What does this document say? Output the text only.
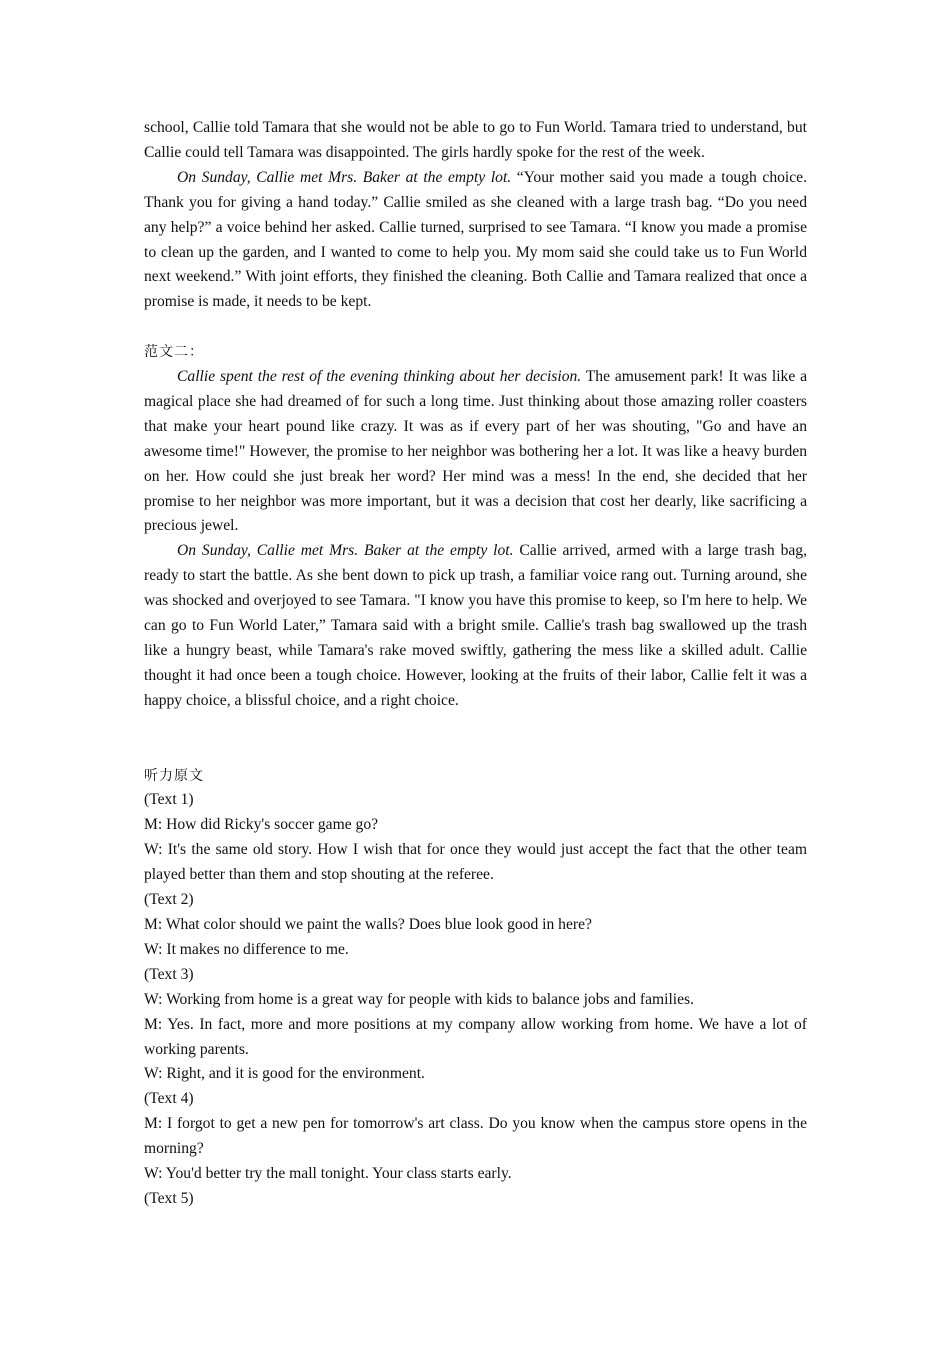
school, Callie told Tamara that she would not be able to go to Fun World. Tamara tried to understand, but Callie could tell Tamara was disappointed. The girls hardly spoke for the rest of the week.

On Sunday, Callie met Mrs. Baker at the empty lot. “Your mother said you made a tough choice. Thank you for giving a hand today.” Callie smiled as she cleaned with a large trash bag. “Do you need any help?” a voice behind her asked. Callie turned, surprised to see Tamara. “I know you made a promise to clean up the garden, and I wanted to come to help you. My mom said she could take us to Fun World next weekend.” With joint efforts, they finished the cleaning. Both Callie and Tamara realized that once a promise is made, it needs to be kept.

范文二：

Callie spent the rest of the evening thinking about her decision. The amusement park! It was like a magical place she had dreamed of for such a long time. Just thinking about those amazing roller coasters that make your heart pound like crazy. It was as if every part of her was shouting, "Go and have an awesome time!" However, the promise to her neighbor was bothering her a lot. It was like a heavy burden on her. How could she just break her word? Her mind was a mess! In the end, she decided that her promise to her neighbor was more important, but it was a decision that cost her dearly, like sacrificing a precious jewel.

On Sunday, Callie met Mrs. Baker at the empty lot. Callie arrived, armed with a large trash bag, ready to start the battle. As she bent down to pick up trash, a familiar voice rang out. Turning around, she was shocked and overjoyed to see Tamara. "I know you have this promise to keep, so I'm here to help. We can go to Fun World Later,” Tamara said with a bright smile. Callie's trash bag swallowed up the trash like a hungry beast, while Tamara's rake moved swiftly, gathering the mess like a skilled adult. Callie thought it had once been a tough choice. However, looking at the fruits of their labor, Callie felt it was a happy choice, a blissful choice, and a right choice.

听力原文

(Text 1)

M: How did Ricky's soccer game go?

W: It's the same old story. How I wish that for once they would just accept the fact that the other team played better than them and stop shouting at the referee.

(Text 2)

M: What color should we paint the walls? Does blue look good in here?

W: It makes no difference to me.

(Text 3)

W: Working from home is a great way for people with kids to balance jobs and families.

M: Yes. In fact, more and more positions at my company allow working from home. We have a lot of working parents.

W: Right, and it is good for the environment.

(Text 4)

M: I forgot to get a new pen for tomorrow's art class. Do you know when the campus store opens in the morning?

W: You'd better try the mall tonight. Your class starts early.

(Text 5)
